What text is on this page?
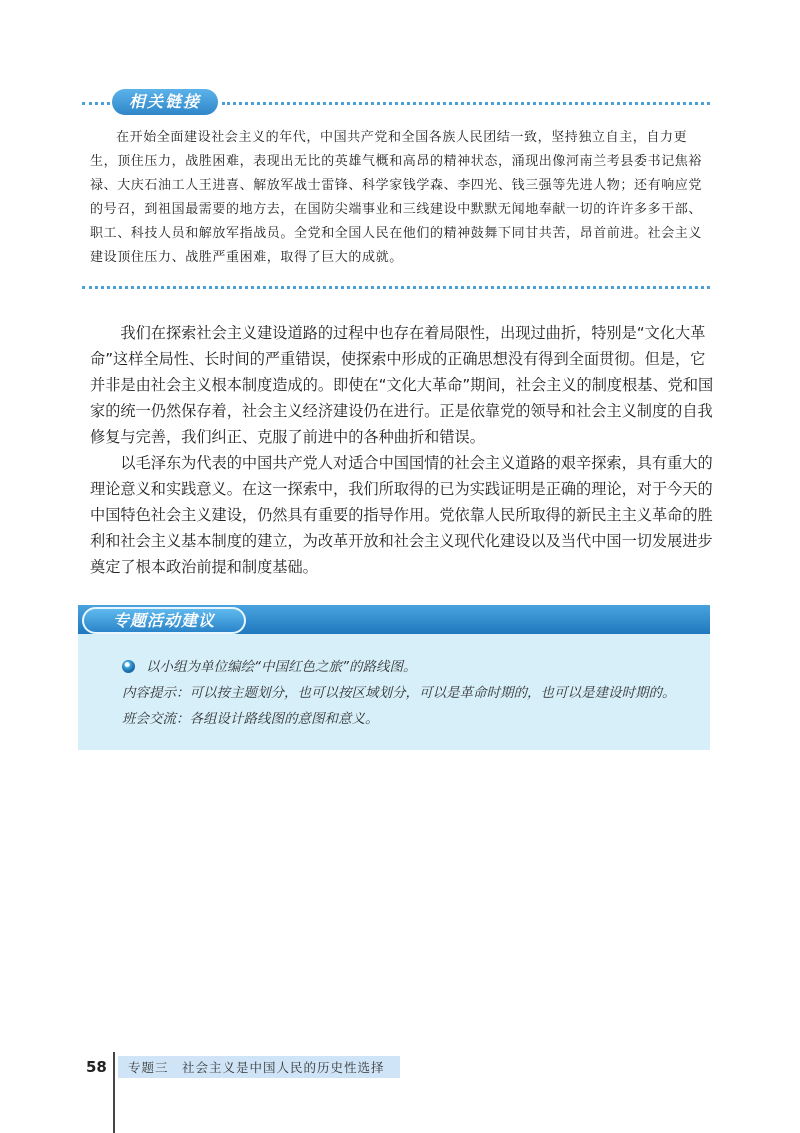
相关链接

在开始全面建设社会主义的年代，中国共产党和全国各族人民团结一致，坚持独立自主，自力更生，顶住压力，战胜困难，表现出无比的英雄气概和高昂的精神状态，涌现出像河南兰考县委书记焦裕禄、大庆石油工人王进喜、解放军战士雷锋、科学家钱学森、李四光、钱三强等先进人物；还有响应党的号召，到祖国最需要的地方去，在国防尖端事业和三线建设中默默无闻地奉献一切的许许多多干部、职工、科技人员和解放军指战员。全党和全国人民在他们的精神鼓舞下同甘共苦，昂首前进。社会主义建设顶住压力、战胜严重困难，取得了巨大的成就。

我们在探索社会主义建设道路的过程中也存在着局限性，出现过曲折，特别是“文化大革命”这样全局性、长时间的严重错误，使探索中形成的正确思想没有得到全面贯彻。但是，它并非是由社会主义根本制度造成的。即使在“文化大革命”期间，社会主义的制度根基、党和国家的统一仍然保存着，社会主义经济建设仍在进行。正是依靠党的领导和社会主义制度的自我修复与完善，我们纠正、克服了前进中的各种曲折和错误。

以毛泽东为代表的中国共产党人对适合中国国情的社会主义道路的艰辛探索，具有重大的理论意义和实践意义。在这一探索中，我们所取得的已为实践证明是正确的理论，对于今天的中国特色社会主义建设，仍然具有重要的指导作用。党依靠人民所取得的新民主主义革命的胜利和社会主义基本制度的建立，为改革开放和社会主义现代化建设以及当代中国一切发展进步奠定了根本政治前提和制度基础。

专题活动建议
以小组为单位编绘“中国红色之旅”的路线图。
内容提示：可以按主题划分，也可以按区域划分，可以是革命时期的，也可以是建设时期的。
班会交流：各组设计路线图的意图和意义。
58 专题三　社会主义是中国人民的历史性选择
